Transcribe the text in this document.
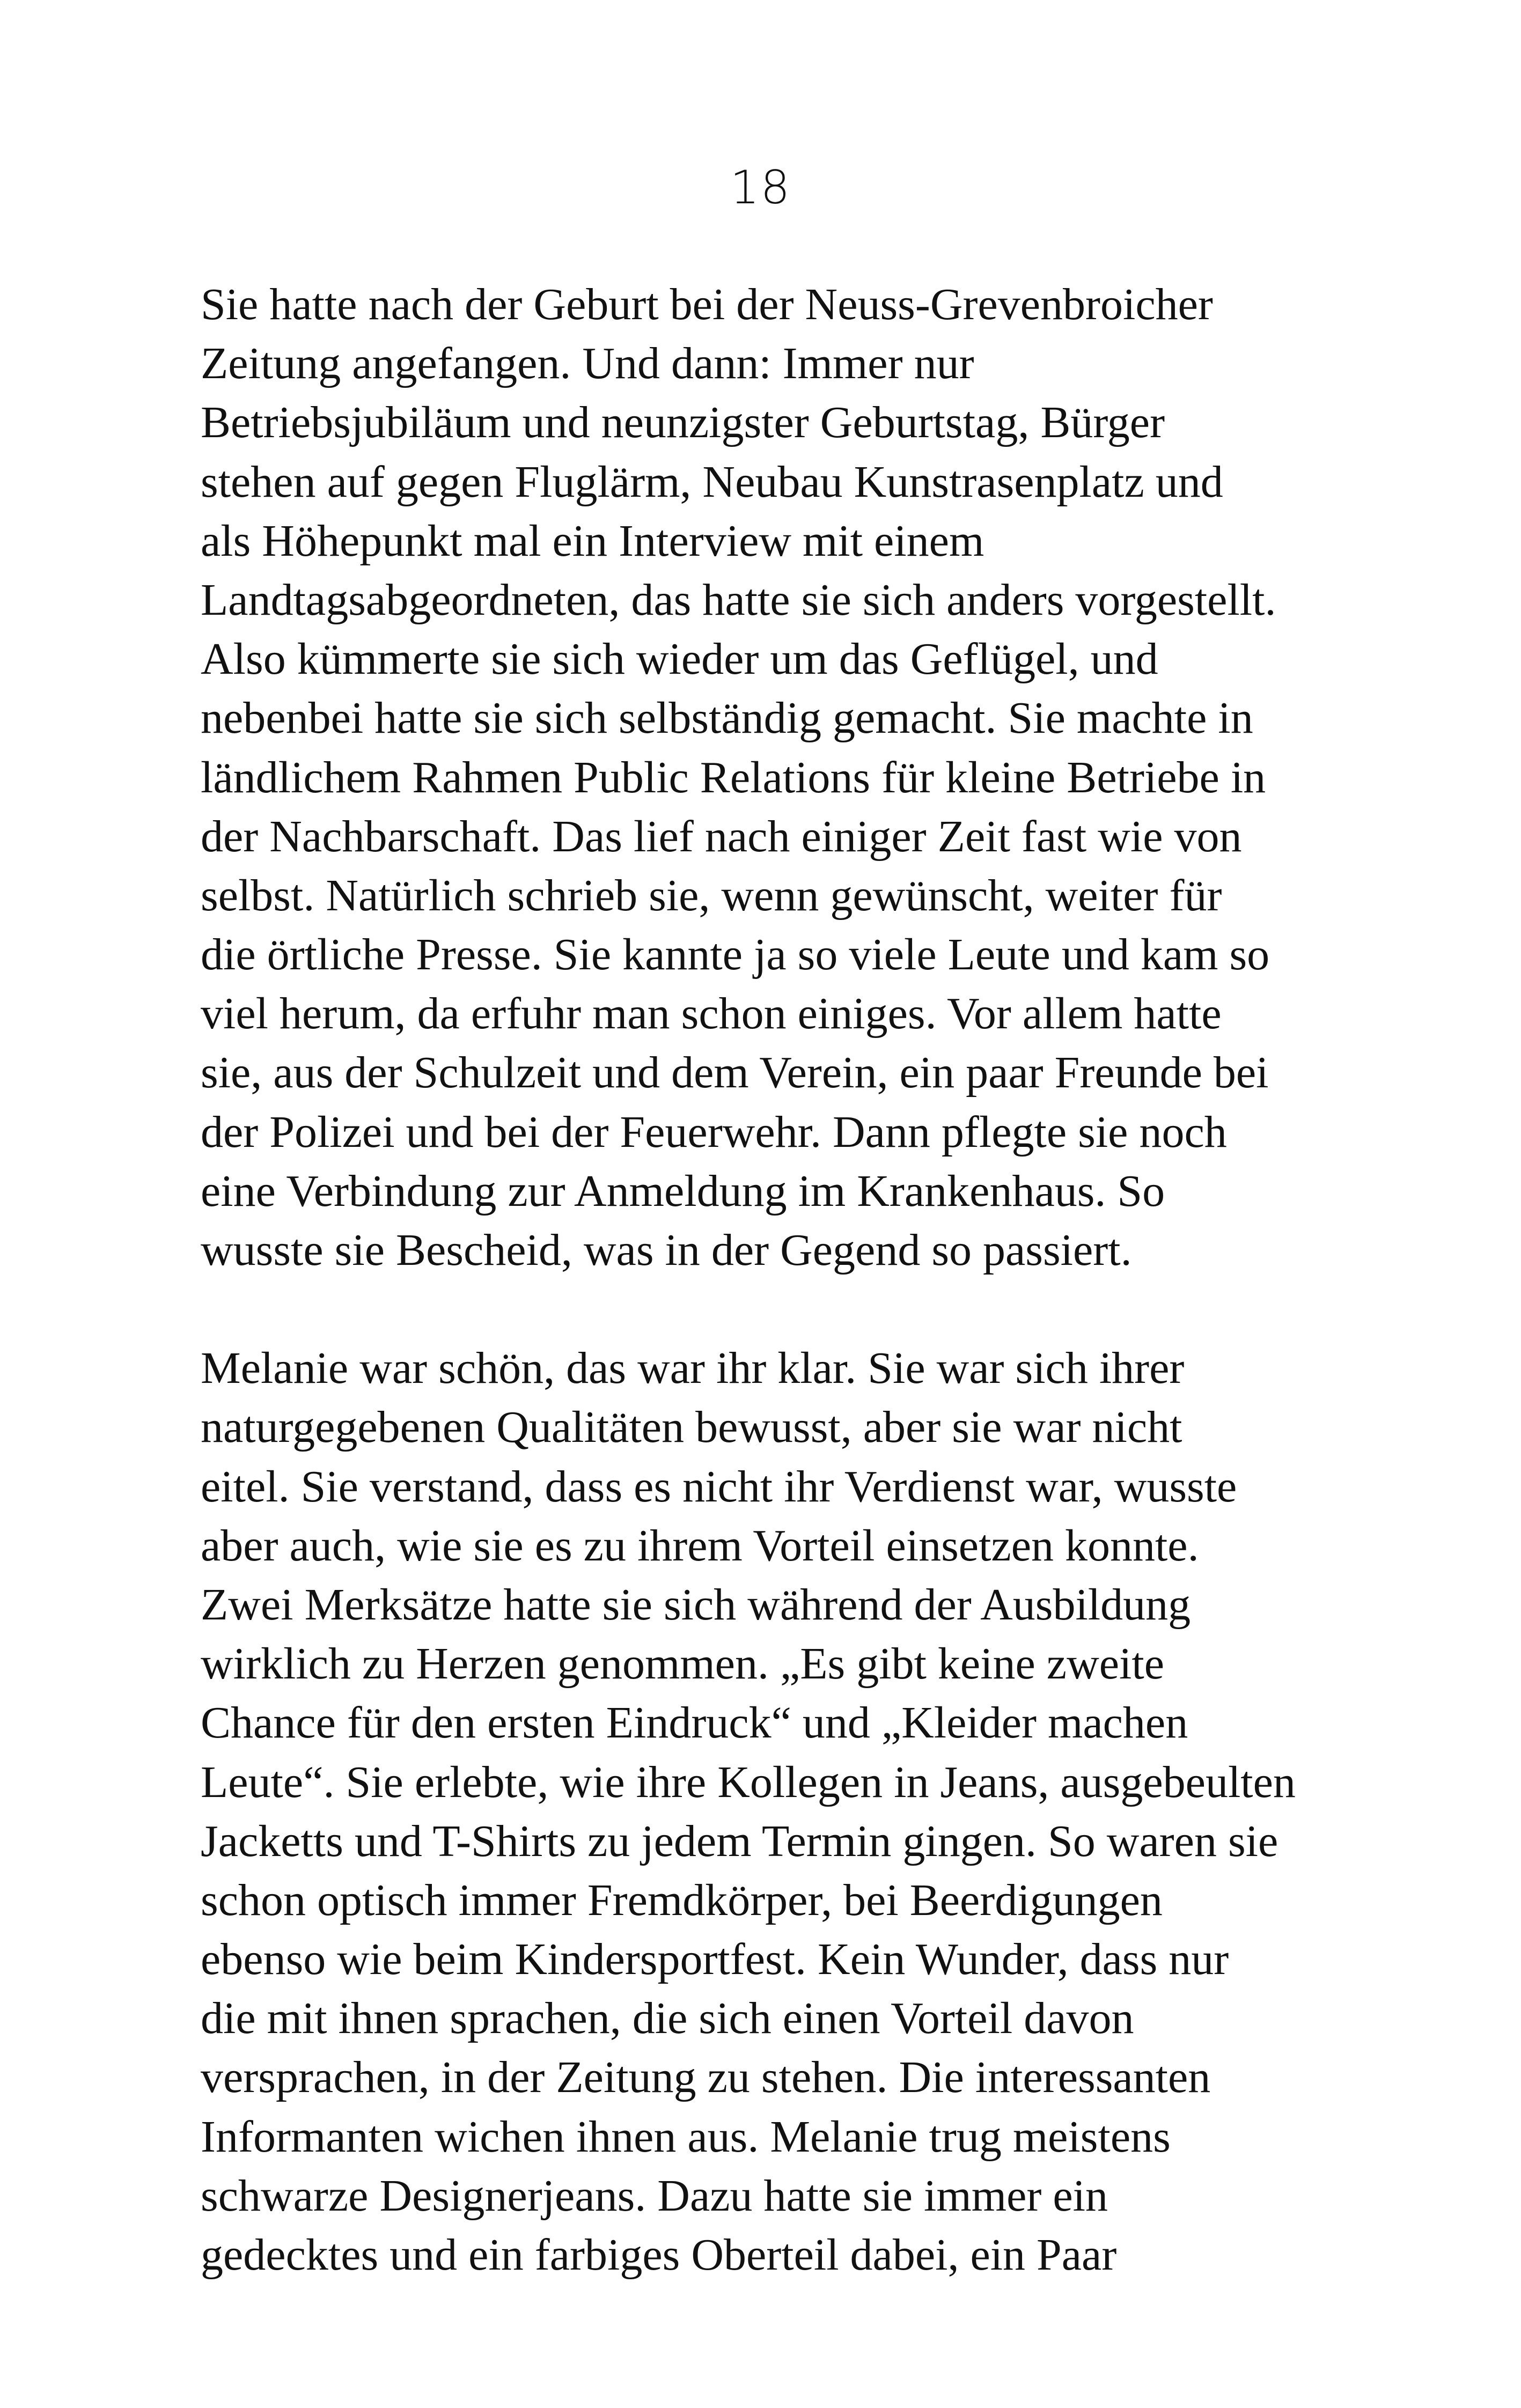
18

Sie hatte nach der Geburt bei der Neuss-Grevenbroicher
Zeitung angefangen. Und dann: Immer nur
Betriebsjubiläum und neunzigster Geburtstag, Bürger
stehen auf gegen Fluglärm, Neubau Kunstrasenplatz und
als Höhepunkt mal ein Interview mit einem
Landtagsabgeordneten, das hatte sie sich anders vorgestellt.
Also kümmerte sie sich wieder um das Geflügel, und
nebenbei hatte sie sich selbständig gemacht. Sie machte in
ländlichem Rahmen Public Relations für kleine Betriebe in
der Nachbarschaft. Das lief nach einiger Zeit fast wie von
selbst. Natürlich schrieb sie, wenn gewünscht, weiter für
die örtliche Presse. Sie kannte ja so viele Leute und kam so
viel herum, da erfuhr man schon einiges. Vor allem hatte
sie, aus der Schulzeit und dem Verein, ein paar Freunde bei
der Polizei und bei der Feuerwehr. Dann pflegte sie noch
eine Verbindung zur Anmeldung im Krankenhaus. So
wusste sie Bescheid, was in der Gegend so passiert.

Melanie war schön, das war ihr klar. Sie war sich ihrer
naturgegebenen Qualitäten bewusst, aber sie war nicht
eitel. Sie verstand, dass es nicht ihr Verdienst war, wusste
aber auch, wie sie es zu ihrem Vorteil einsetzen konnte.
Zwei Merksätze hatte sie sich während der Ausbildung
wirklich zu Herzen genommen. „Es gibt keine zweite
Chance für den ersten Eindruck“ und „Kleider machen
Leute“. Sie erlebte, wie ihre Kollegen in Jeans, ausgebeulten
Jacketts und T-Shirts zu jedem Termin gingen. So waren sie
schon optisch immer Fremdkörper, bei Beerdigungen
ebenso wie beim Kindersportfest. Kein Wunder, dass nur
die mit ihnen sprachen, die sich einen Vorteil davon
versprachen, in der Zeitung zu stehen. Die interessanten
Informanten wichen ihnen aus. Melanie trug meistens
schwarze Designerjeans. Dazu hatte sie immer ein
gedecktes und ein farbiges Oberteil dabei, ein Paar
